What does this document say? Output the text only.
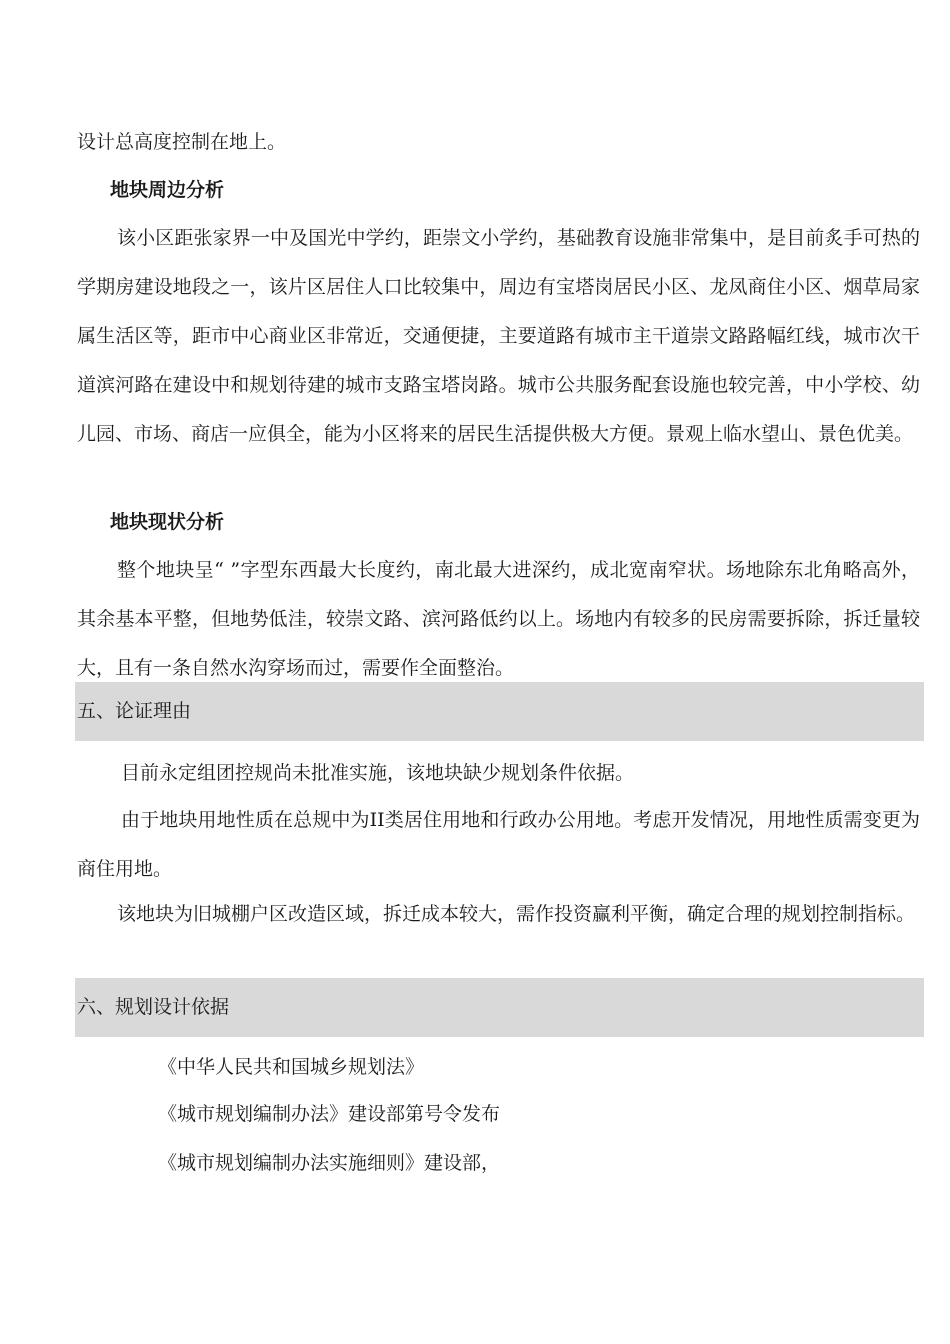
设计总高度控制在地上。

地块周边分析

该小区距张家界一中及国光中学约，距崇文小学约，基础教育设施非常集中，是目前炙手可热的学期房建设地段之一，该片区居住人口比较集中，周边有宝塔岗居民小区、龙凤商住小区、烟草局家属生活区等，距市中心商业区非常近，交通便捷，主要道路有城市主干道崇文路路幅红线，城市次干道滨河路在建设中和规划待建的城市支路宝塔岗路。城市公共服务配套设施也较完善，中小学校、幼儿园、市场、商店一应俱全，能为小区将来的居民生活提供极大方便。景观上临水望山、景色优美。

地块现状分析

整个地块呈“ ”字型东西最大长度约，南北最大进深约，成北宽南窄状。场地除东北角略高外，其余基本平整，但地势低洼，较崇文路、滨河路低约以上。场地内有较多的民房需要拆除，拆迁量较大，且有一条自然水沟穿场而过，需要作全面整治。

五、论证理由

目前永定组团控规尚未批准实施，该地块缺少规划条件依据。

由于地块用地性质在总规中为II类居住用地和行政办公用地。考虑开发情况，用地性质需变更为商住用地。

该地块为旧城棚户区改造区域，拆迁成本较大，需作投资赢利平衡，确定合理的规划控制指标。

六、规划设计依据

《中华人民共和国城乡规划法》

《城市规划编制办法》建设部第号令发布

《城市规划编制办法实施细则》建设部，
